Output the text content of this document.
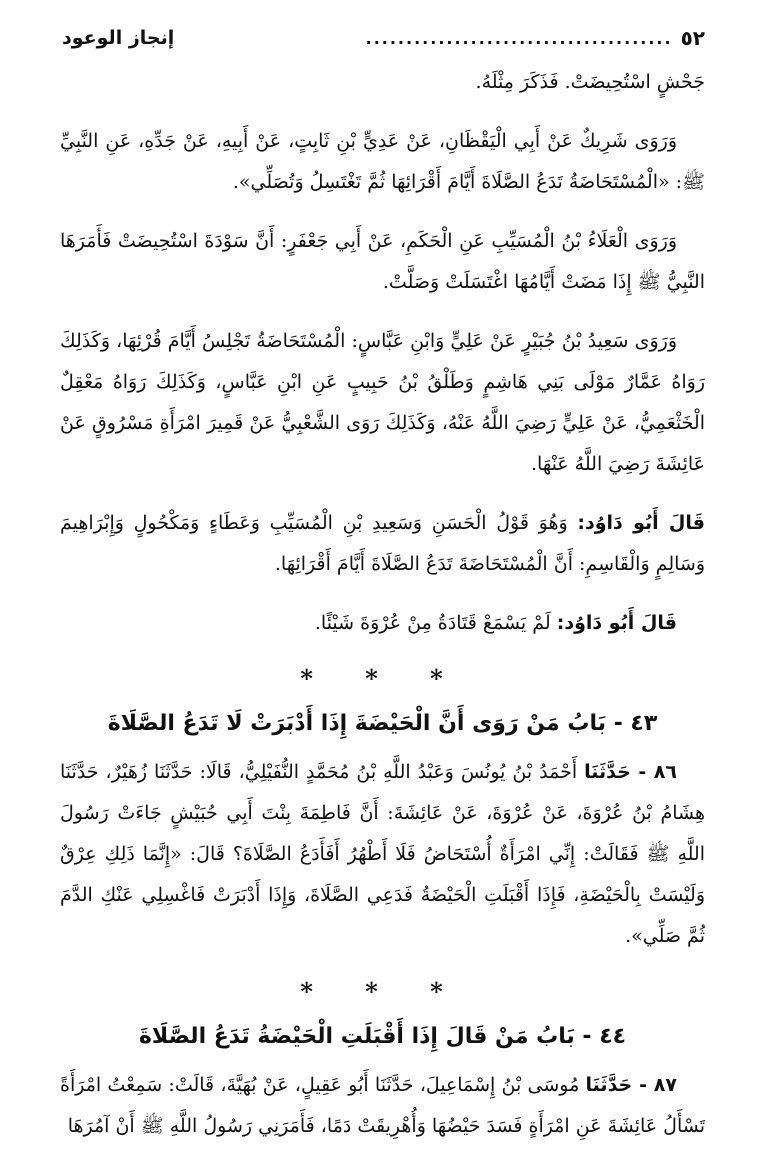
٥٢
......................................
إنجاز الوعود

جَحْشٍ اسْتُحِيضَتْ. فَذَكَرَ مِثْلَهُ.

وَرَوَى شَرِيكٌ عَنْ أَبِي الْيَقْظَانِ، عَنْ عَدِيٍّ بْنِ ثَابِتٍ، عَنْ أَبِيهِ، عَنْ جَدِّهِ، عَنِ النَّبِيِّ ﷺ: «الْمُسْتَحَاضَةُ تَدَعُ الصَّلَاةَ أَيَّامَ أَقْرَائِهَا ثُمَّ تَغْتَسِلُ وَتُصَلِّي».

وَرَوَى الْعَلَاءُ بْنُ الْمُسَيِّبِ عَنِ الْحَكَمِ، عَنْ أَبِي جَعْفَرٍ: أَنَّ سَوْدَةَ اسْتُحِيضَتْ فَأَمَرَهَا النَّبِيُّ ﷺ إِذَا مَضَتْ أَيَّامُهَا اغْتَسَلَتْ وَصَلَّتْ.

وَرَوَى سَعِيدُ بْنُ جُبَيْرٍ عَنْ عَلِيٍّ وَابْنِ عَبَّاسٍ: الْمُسْتَحَاضَةُ تَجْلِسُ أَيَّامَ قُرْئِهَا، وَكَذَلِكَ رَوَاهُ عَمَّارٌ مَوْلَى بَنِي هَاشِمٍ وَطَلْقُ بْنُ حَبِيبٍ عَنِ ابْنِ عَبَّاسٍ، وَكَذَلِكَ رَوَاهُ مَعْقِلٌ الْخَثْعَمِيُّ، عَنْ عَلِيٍّ رَضِيَ اللَّهُ عَنْهُ، وَكَذَلِكَ رَوَى الشَّعْبِيُّ عَنْ قَمِيرَ امْرَأَةِ مَسْرُوقٍ عَنْ عَائِشَةَ رَضِيَ اللَّهُ عَنْهَا.

قَالَ أَبُو دَاوُد: وَهُوَ قَوْلُ الْحَسَنِ وَسَعِيدِ بْنِ الْمُسَيِّبِ وَعَطَاءٍ وَمَكْحُولٍ وَإِبْرَاهِيمَ وَسَالِمٍ وَالْقَاسِمِ: أَنَّ الْمُسْتَحَاضَةَ تَدَعُ الصَّلَاةَ أَيَّامَ أَقْرَائِهَا.

قَالَ أَبُو دَاوُد: لَمْ يَسْمَعْ قَتَادَةُ مِنْ عُرْوَةَ شَيْئًا.

* * *
٤٣ - بَابُ مَنْ رَوَى أَنَّ الْحَيْضَةَ إِذَا أَدْبَرَتْ لَا تَدَعُ الصَّلَاةَ

٨٦ - حَدَّثَنَا أَحْمَدُ بْنُ يُونُسَ وَعَبْدُ اللَّهِ بْنُ مُحَمَّدٍ النُّفَيْلِيُّ، قَالَا: حَدَّثَنَا زُهَيْرٌ، حَدَّثَنَا هِشَامُ بْنُ عُرْوَةَ، عَنْ عُرْوَةَ، عَنْ عَائِشَةَ: أَنَّ فَاطِمَةَ بِنْتَ أَبِي حُبَيْشٍ جَاءَتْ رَسُولَ اللَّهِ ﷺ فَقَالَتْ: إِنِّي امْرَأَةٌ أُسْتَحَاضُ فَلَا أَطْهُرُ أَفَأَدَعُ الصَّلَاةَ؟ قَالَ: «إِنَّمَا ذَلِكِ عِرْقٌ وَلَيْسَتْ بِالْحَيْضَةِ، فَإِذَا أَقْبَلَتِ الْحَيْضَةُ فَدَعِي الصَّلَاةَ، وَإِذَا أَدْبَرَتْ فَاغْسِلِي عَنْكِ الدَّمَ ثُمَّ صَلِّي».

* * *
٤٤ - بَابُ مَنْ قَالَ إِذَا أَقْبَلَتِ الْحَيْضَةُ تَدَعُ الصَّلَاةَ

٨٧ - حَدَّثَنَا مُوسَى بْنُ إِسْمَاعِيلَ، حَدَّثَنَا أَبُو عَقِيلٍ، عَنْ بُهَيَّةَ، قَالَتْ: سَمِعْتُ امْرَأَةً تَسْأَلُ عَائِشَةَ عَنِ امْرَأَةٍ فَسَدَ حَيْضُهَا وَأُهْرِيقَتْ دَمًا، فَأَمَرَنِي رَسُولُ اللَّهِ ﷺ أَنْ آمُرَهَا
